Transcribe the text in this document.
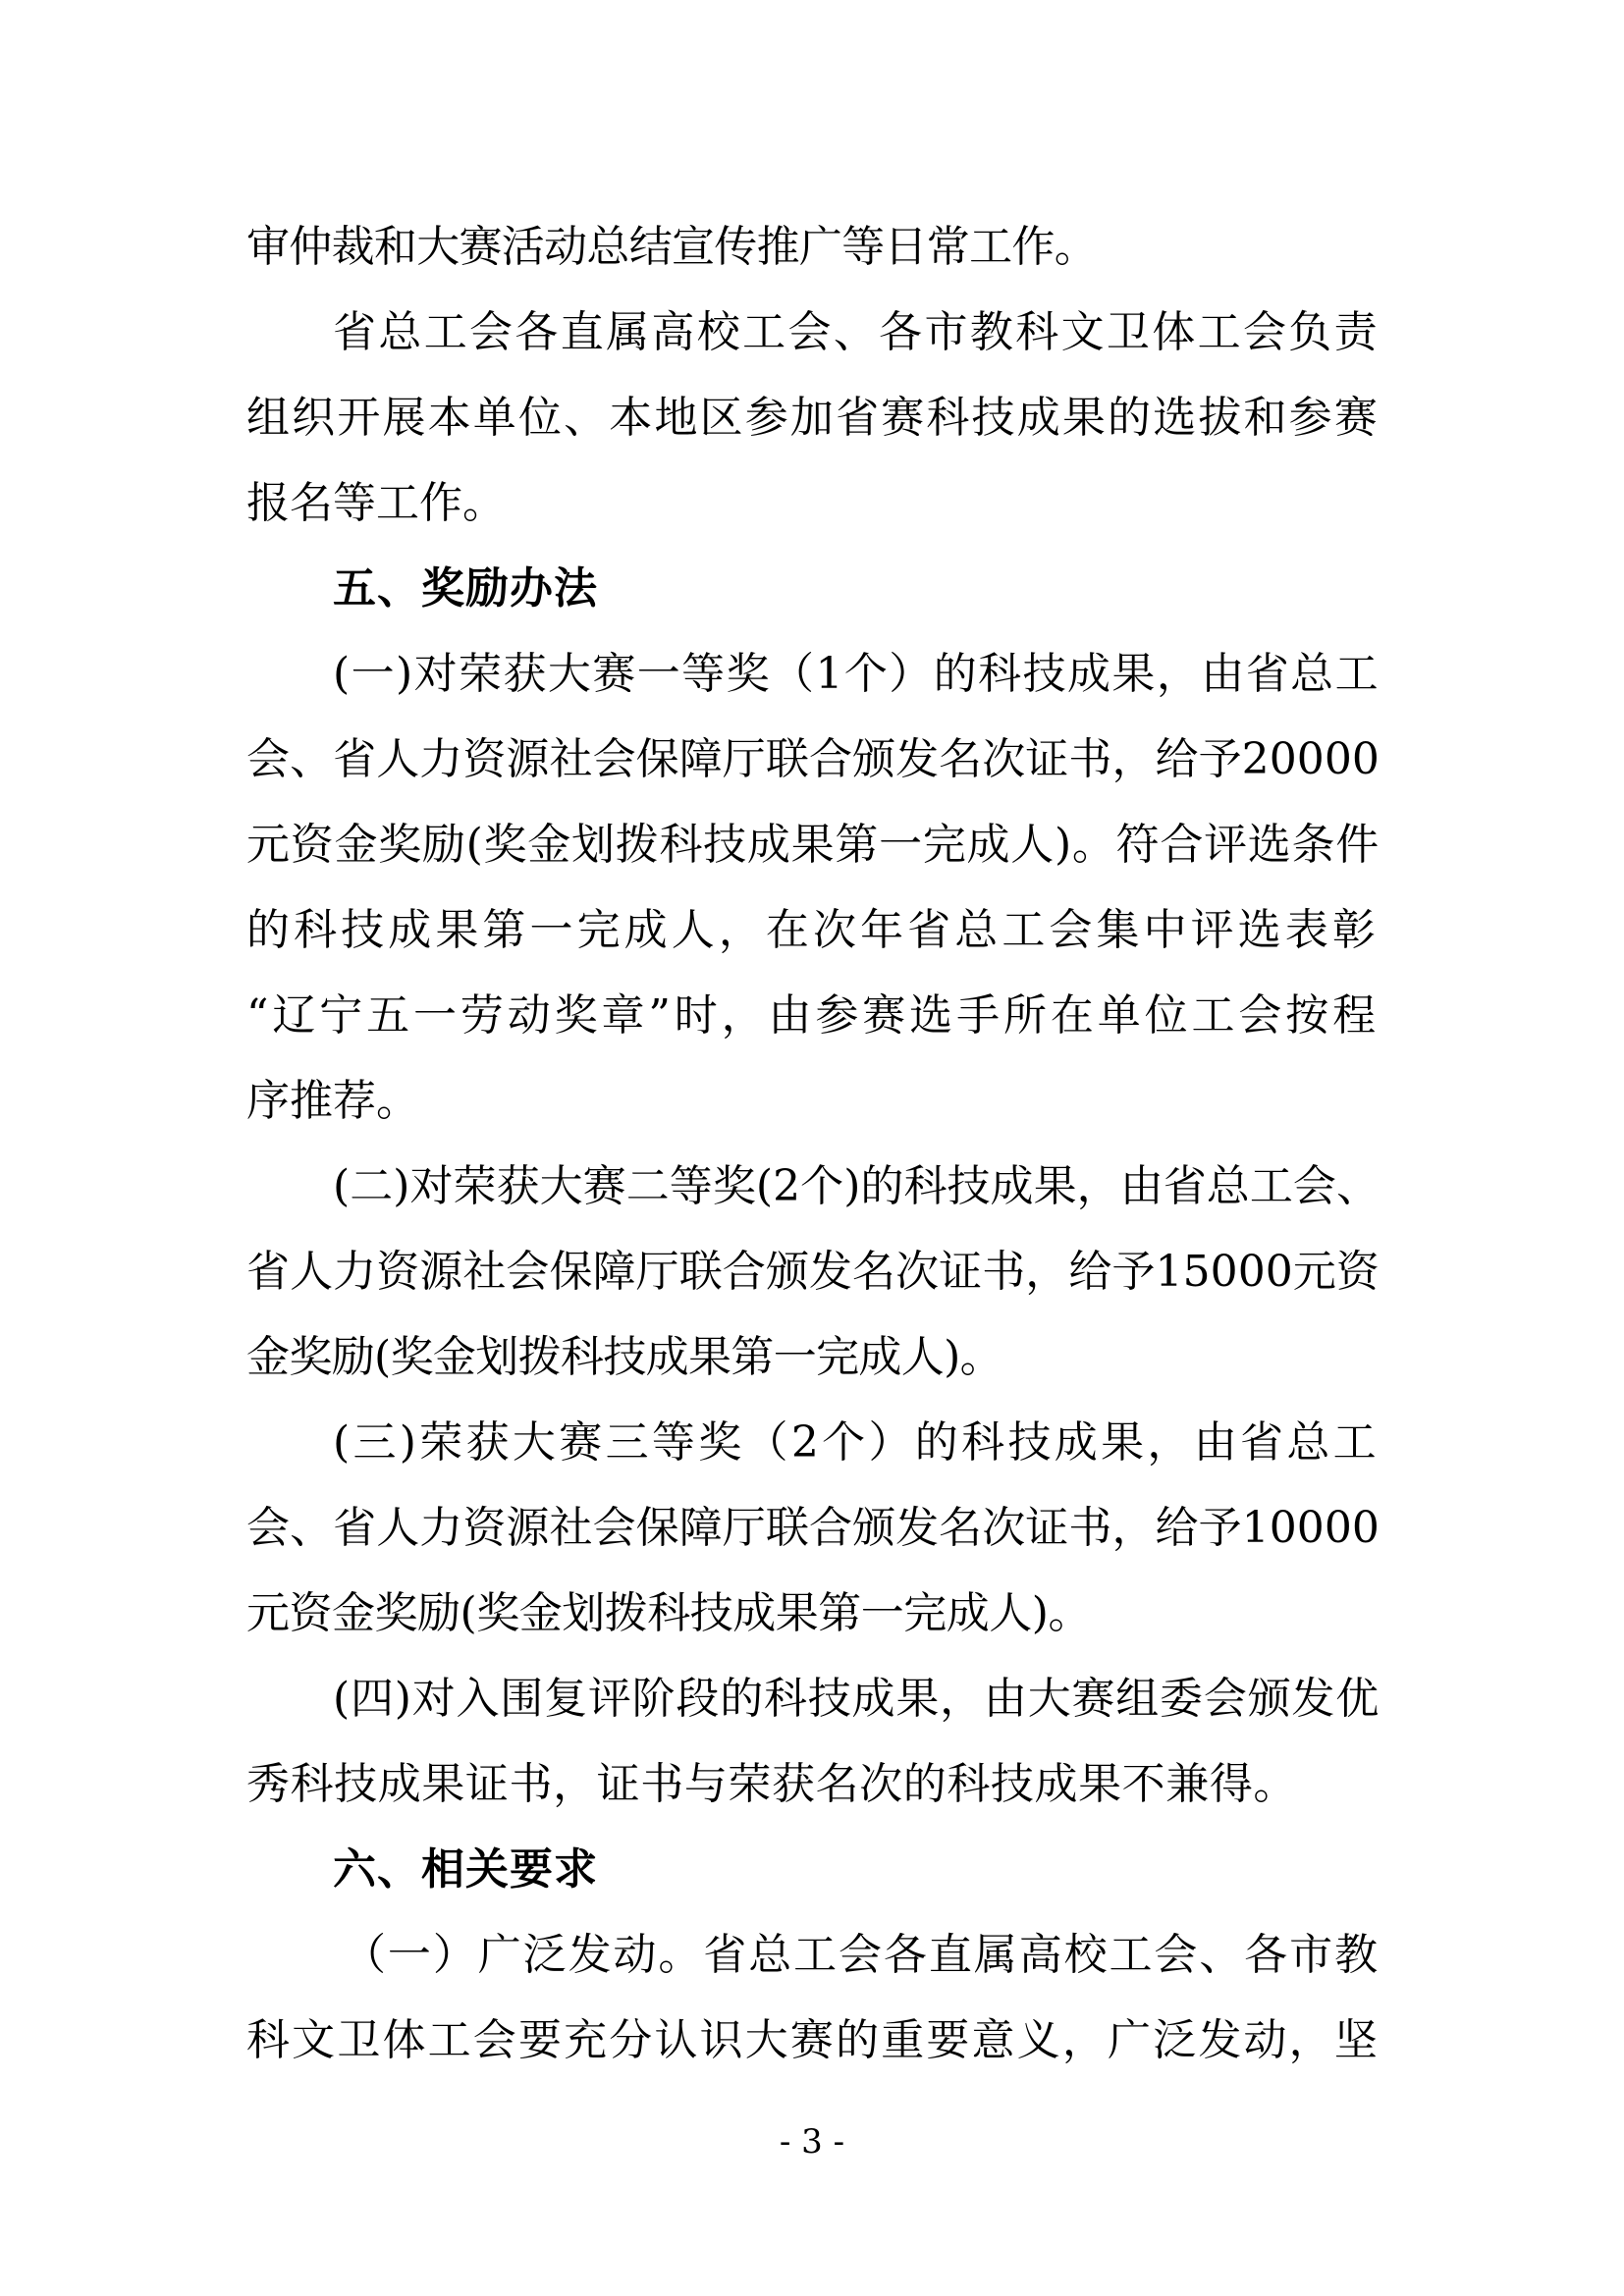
审仲裁和大赛活动总结宣传推广等日常工作。

省总工会各直属高校工会、各市教科文卫体工会负责

组织开展本单位、本地区参加省赛科技成果的选拔和参赛

报名等工作。

五、奖励办法

(一)对荣获大赛一等奖（1个）的科技成果，由省总工

会、省人力资源社会保障厅联合颁发名次证书，给予20000

元资金奖励(奖金划拨科技成果第一完成人)。符合评选条件

的科技成果第一完成人，在次年省总工会集中评选表彰

“辽宁五一劳动奖章”时，由参赛选手所在单位工会按程

序推荐。

(二)对荣获大赛二等奖(2个)的科技成果，由省总工会、

省人力资源社会保障厅联合颁发名次证书，给予15000元资

金奖励(奖金划拨科技成果第一完成人)。

(三)荣获大赛三等奖（2个）的科技成果，由省总工

会、省人力资源社会保障厅联合颁发名次证书，给予10000

元资金奖励(奖金划拨科技成果第一完成人)。

(四)对入围复评阶段的科技成果，由大赛组委会颁发优

秀科技成果证书，证书与荣获名次的科技成果不兼得。

六、相关要求

（一）广泛发动。省总工会各直属高校工会、各市教

科文卫体工会要充分认识大赛的重要意义，广泛发动，坚

- 3 -
